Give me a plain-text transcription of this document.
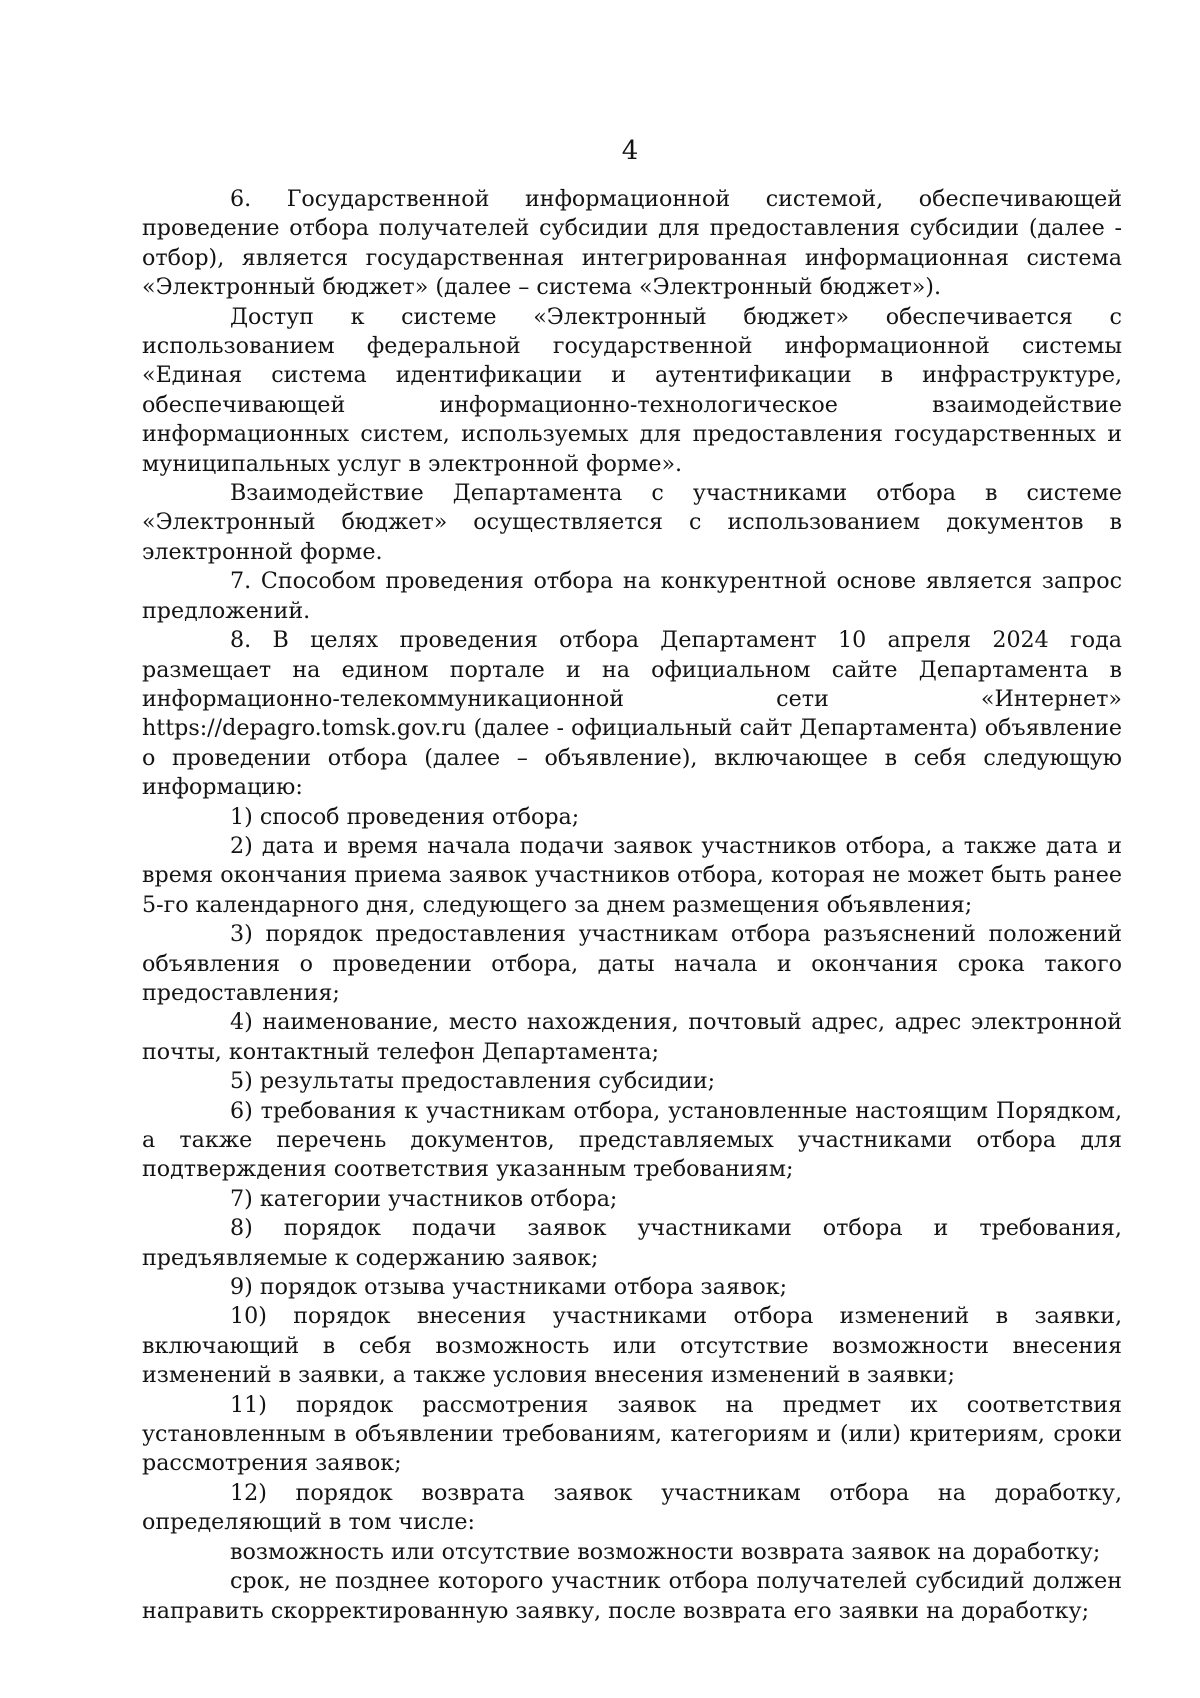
4

6. Государственной информационной системой, обеспечивающей проведение отбора получателей субсидии для предоставления субсидии (далее - отбор), является государственная интегрированная информационная система «Электронный бюджет» (далее – система «Электронный бюджет»).

Доступ к системе «Электронный бюджет» обеспечивается с использованием федеральной государственной информационной системы «Единая система идентификации и аутентификации в инфраструктуре, обеспечивающей информационно-технологическое взаимодействие информационных систем, используемых для предоставления государственных и муниципальных услуг в электронной форме».

Взаимодействие Департамента с участниками отбора в системе «Электронный бюджет» осуществляется с использованием документов в электронной форме.

7. Способом проведения отбора на конкурентной основе является запрос предложений.

8. В целях проведения отбора Департамент 10 апреля 2024 года размещает на едином портале и на официальном сайте Департамента в информационно-телекоммуникационной сети «Интернет» https://depagro.tomsk.gov.ru (далее - официальный сайт Департамента) объявление о проведении отбора (далее – объявление), включающее в себя следующую информацию:

1) способ проведения отбора;

2) дата и время начала подачи заявок участников отбора, а также дата и время окончания приема заявок участников отбора, которая не может быть ранее 5-го календарного дня, следующего за днем размещения объявления;

3) порядок предоставления участникам отбора разъяснений положений объявления о проведении отбора, даты начала и окончания срока такого предоставления;

4) наименование, место нахождения, почтовый адрес, адрес электронной почты, контактный телефон Департамента;

5) результаты предоставления субсидии;

6) требования к участникам отбора, установленные настоящим Порядком, а также перечень документов, представляемых участниками отбора для подтверждения соответствия указанным требованиям;

7) категории участников отбора;

8) порядок подачи заявок участниками отбора и требования, предъявляемые к содержанию заявок;

9) порядок отзыва участниками отбора заявок;

10) порядок внесения участниками отбора изменений в заявки, включающий в себя возможность или отсутствие возможности внесения изменений в заявки, а также условия внесения изменений в заявки;

11) порядок рассмотрения заявок на предмет их соответствия установленным в объявлении требованиям, категориям и (или) критериям, сроки рассмотрения заявок;

12) порядок возврата заявок участникам отбора на доработку, определяющий в том числе:

возможность или отсутствие возможности возврата заявок на доработку;

срок, не позднее которого участник отбора получателей субсидий должен направить скорректированную заявку, после возврата его заявки на доработку;
